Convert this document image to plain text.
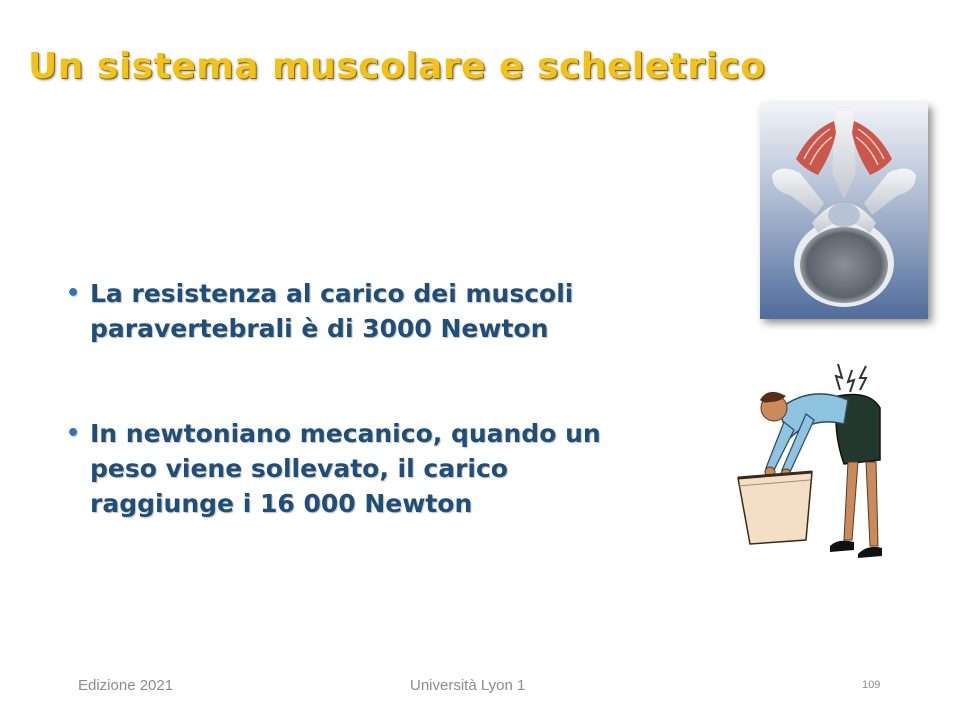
Un sistema muscolare e scheletrico
• La resistenza al carico dei muscoli paravertebrali è di 3000 Newton
• In newtoniano mecanico, quando un peso viene sollevato, il carico raggiunge i 16 000 Newton
Edizione 2021	Università Lyon 1	109
